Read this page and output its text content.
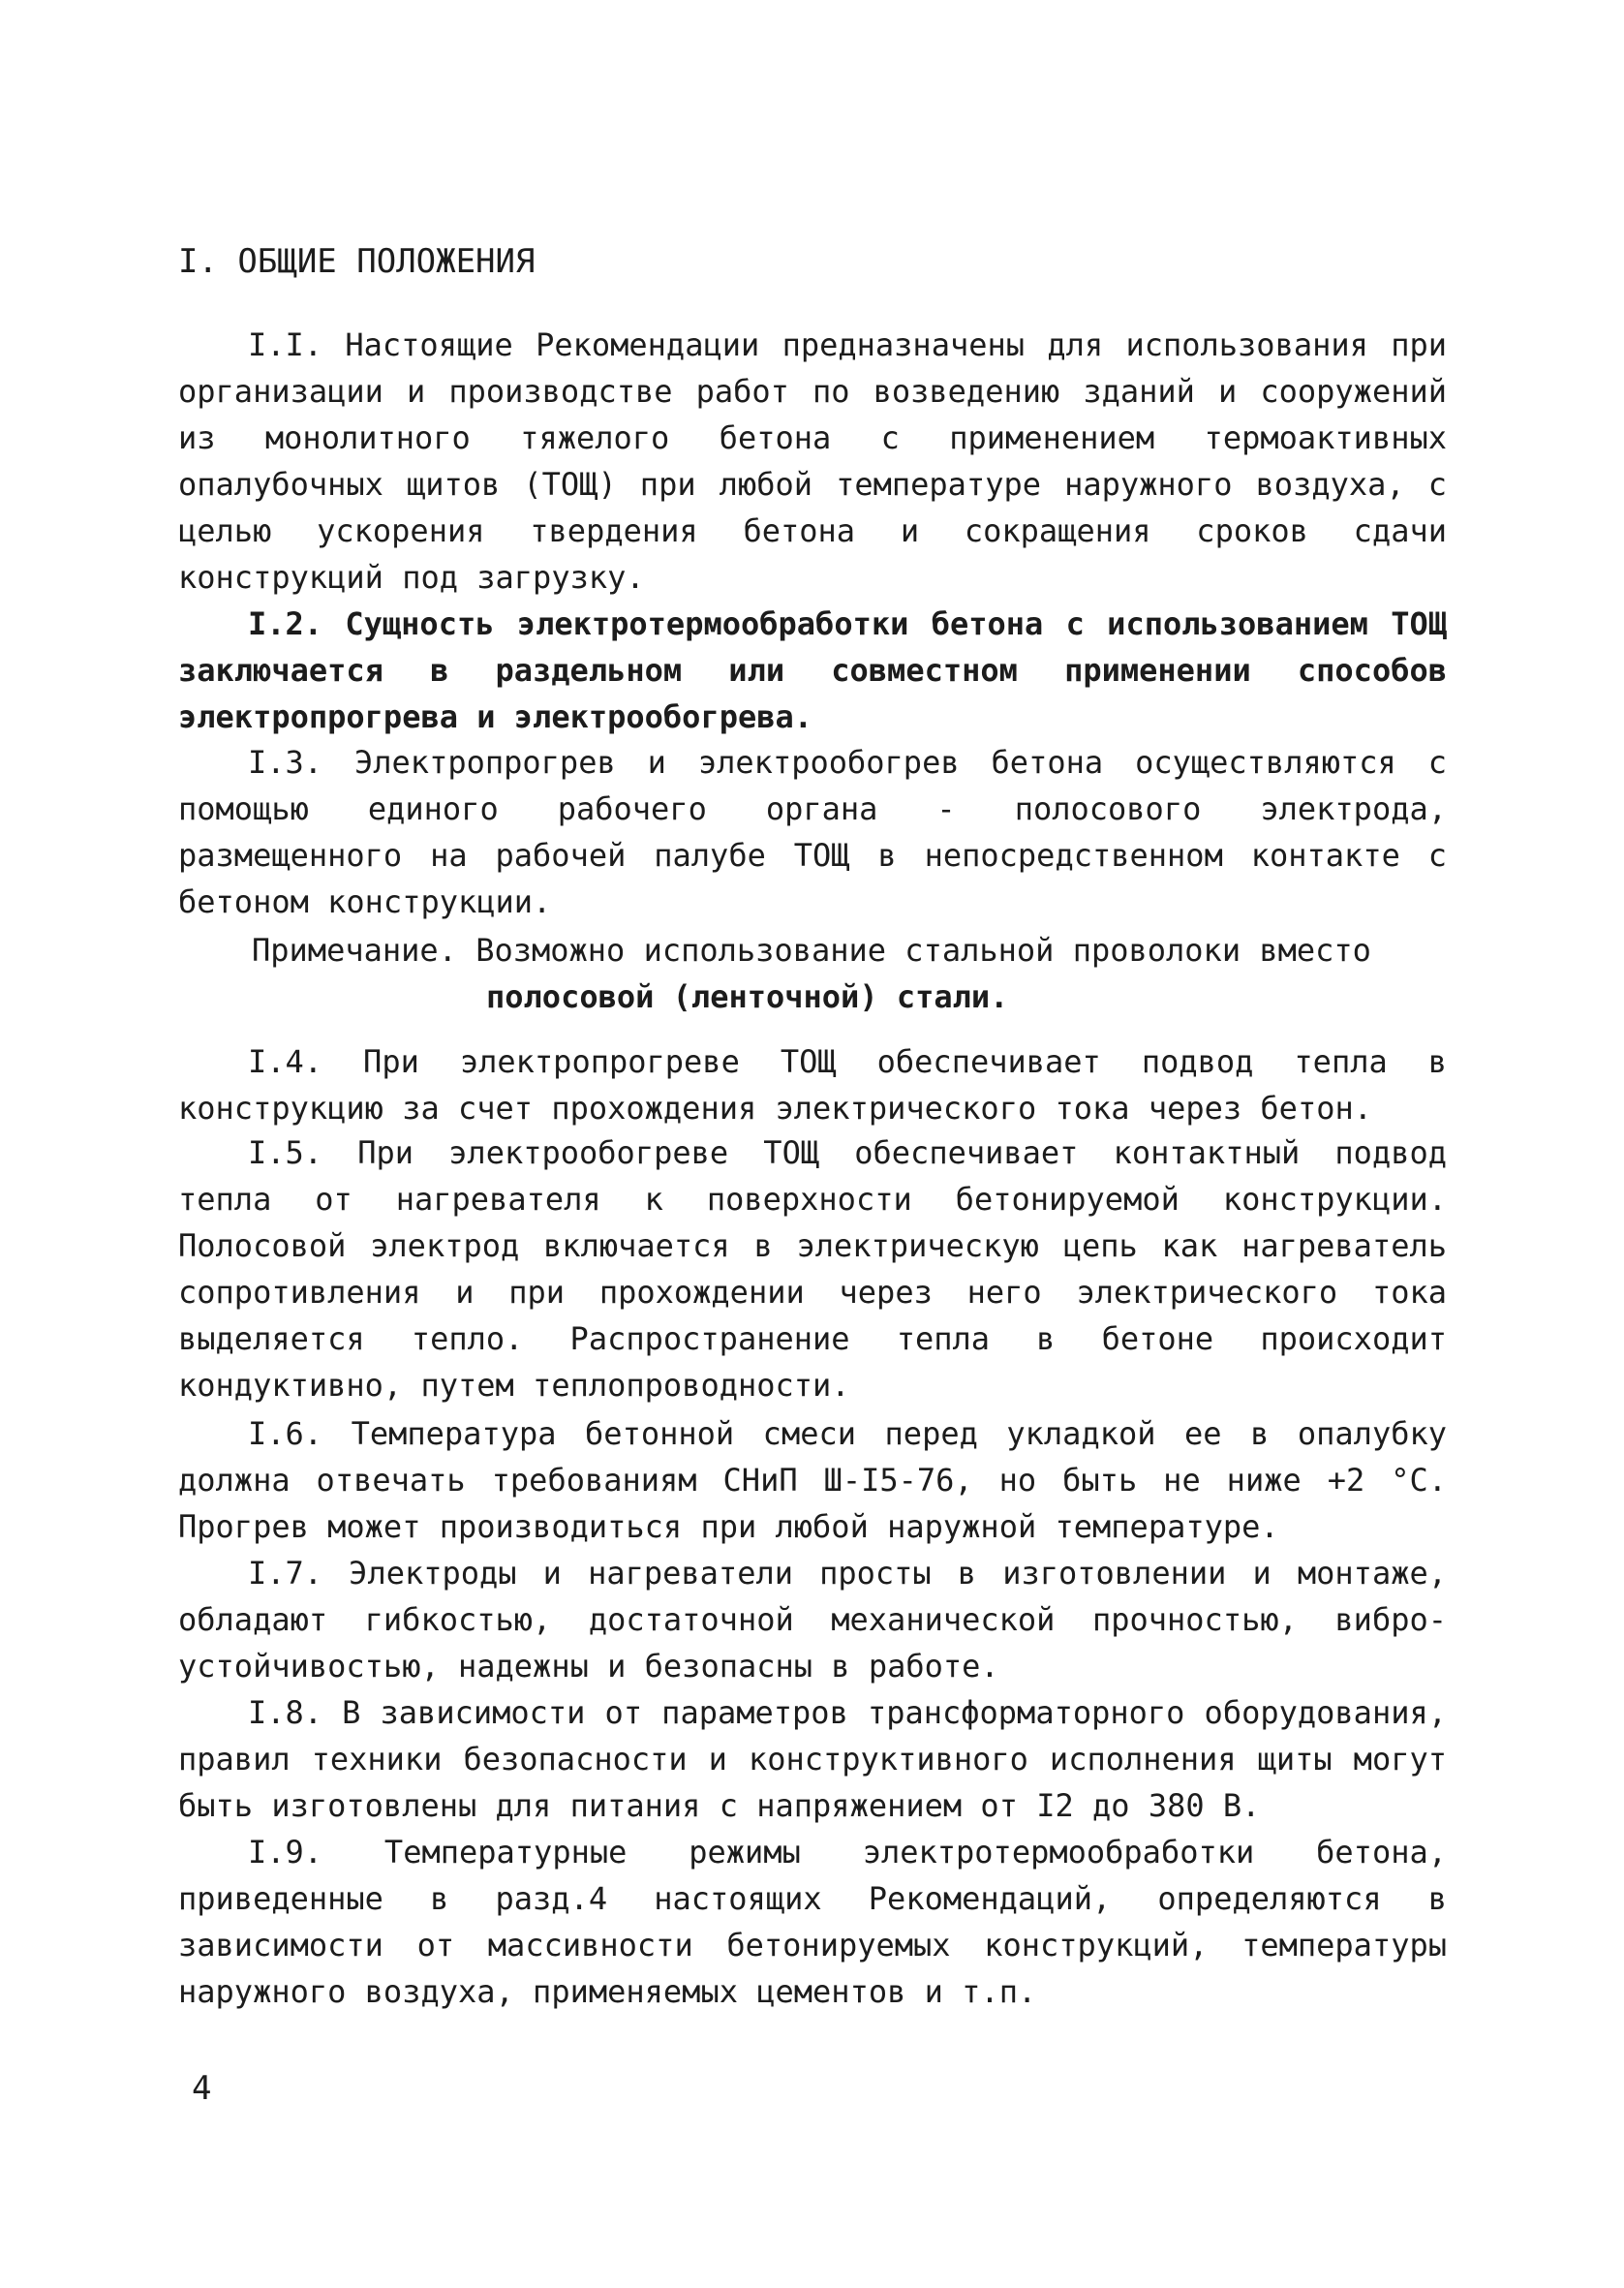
I. ОБЩИЕ ПОЛОЖЕНИЯ

I.I. Настоящие Рекомендации предназначены для использования при организации и производстве работ по возведению зданий и сооружений из монолитного тяжелого бетона с применением термоактивных опалубочных щитов (ТОЩ) при любой температуре наружного воздуха, с целью ускорения твердения бетона и сокращения сроков сдачи конструкций под загрузку.

I.2. Сущность электротермообработки бетона с использованием ТОЩ заключается в раздельном или совместном применении способов электропрогрева и электрообогрева.

I.3. Электропрогрев и электрообогрев бетона осуществляются с помощью единого рабочего органа - полосового электрода, размещенного на рабочей палубе ТОЩ в непосредственном контакте с бетоном конструкции.

Примечание. Возможно использование стальной проволоки вместо

полосовой (ленточной) стали.

I.4. При электропрогреве ТОЩ обеспечивает подвод тепла в конструкцию за счет прохождения электрического тока через бетон.

I.5. При электрообогреве ТОЩ обеспечивает контактный подвод тепла от нагревателя к поверхности бетонируемой конструкции. Полосовой электрод включается в электрическую цепь как нагреватель сопротивления и при прохождении через него электрического тока выделяется тепло. Распространение тепла в бетоне происходит кондуктивно, путем теплопроводности.

I.6. Температура бетонной смеси перед укладкой ее в опалубку должна отвечать требованиям СНиП Ш-I5-76, но быть не ниже +2 °С. Прогрев может производиться при любой наружной температуре.

I.7. Электроды и нагреватели просты в изготовлении и монтаже, обладают гибкостью, достаточной механической прочностью, вибро-устойчивостью, надежны и безопасны в работе.

I.8. В зависимости от параметров трансформаторного оборудования, правил техники безопасности и конструктивного исполнения щиты могут быть изготовлены для питания с напряжением от I2 до 380 В.

I.9. Температурные режимы электротермообработки бетона, приведенные в разд.4 настоящих Рекомендаций, определяются в зависимости от массивности бетонируемых конструкций, температуры наружного воздуха, применяемых цементов и т.п.

4
